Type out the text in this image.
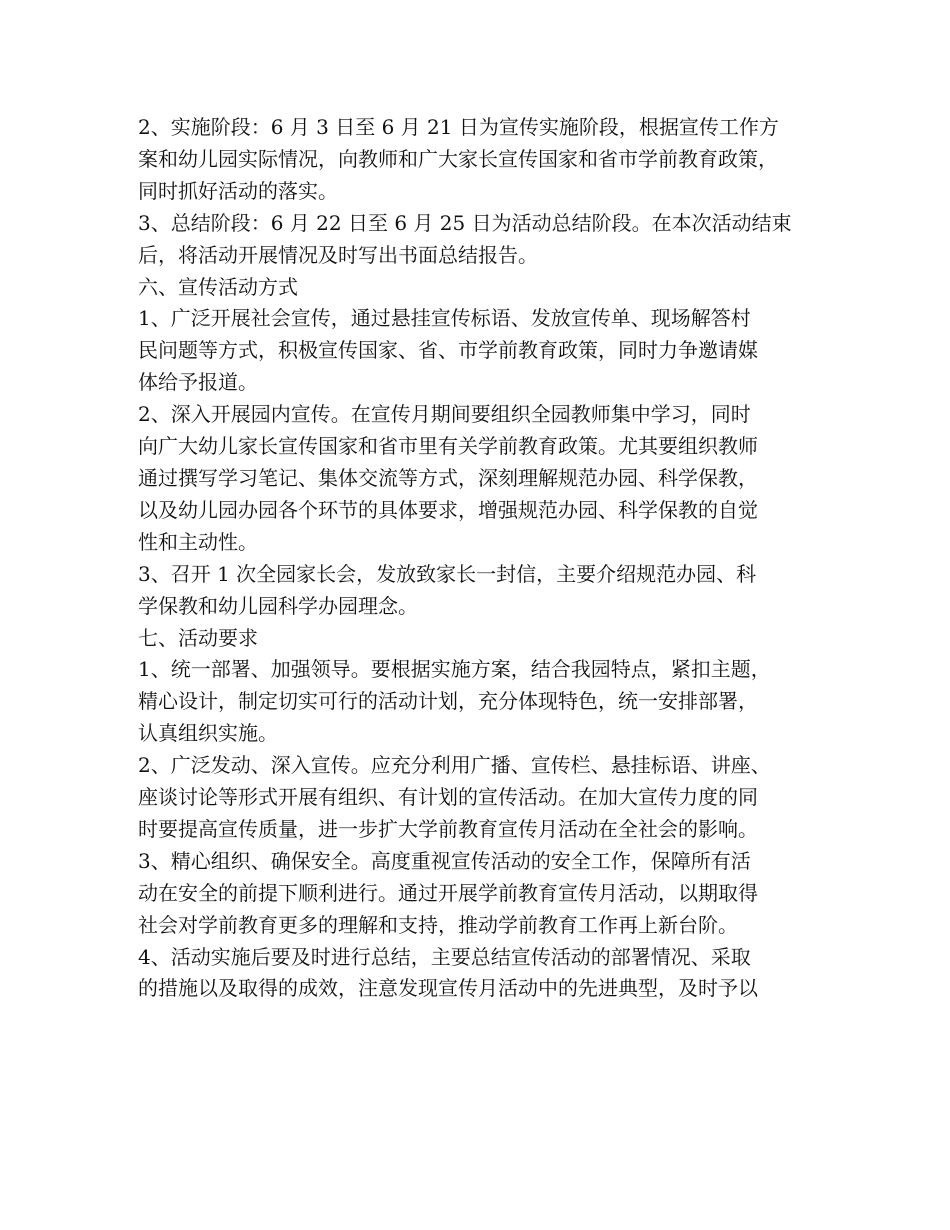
2、实施阶段：6 月 3 日至 6 月 21 日为宣传实施阶段，根据宣传工作方
案和幼儿园实际情况，向教师和广大家长宣传国家和省市学前教育政策，
同时抓好活动的落实。
3、总结阶段：6 月 22 日至 6 月 25 日为活动总结阶段。在本次活动结束
后，将活动开展情况及时写出书面总结报告。
六、宣传活动方式
1、广泛开展社会宣传，通过悬挂宣传标语、发放宣传单、现场解答村
民问题等方式，积极宣传国家、省、市学前教育政策，同时力争邀请媒
体给予报道。
2、深入开展园内宣传。在宣传月期间要组织全园教师集中学习，同时
向广大幼儿家长宣传国家和省市里有关学前教育政策。尤其要组织教师
通过撰写学习笔记、集体交流等方式，深刻理解规范办园、科学保教，
以及幼儿园办园各个环节的具体要求，增强规范办园、科学保教的自觉
性和主动性。
3、召开 1 次全园家长会，发放致家长一封信，主要介绍规范办园、科
学保教和幼儿园科学办园理念。
七、活动要求
1、统一部署、加强领导。要根据实施方案，结合我园特点，紧扣主题，
精心设计，制定切实可行的活动计划，充分体现特色，统一安排部署，
认真组织实施。
2、广泛发动、深入宣传。应充分利用广播、宣传栏、悬挂标语、讲座、
座谈讨论等形式开展有组织、有计划的宣传活动。在加大宣传力度的同
时要提高宣传质量，进一步扩大学前教育宣传月活动在全社会的影响。
3、精心组织、确保安全。高度重视宣传活动的安全工作，保障所有活
动在安全的前提下顺利进行。通过开展学前教育宣传月活动，以期取得
社会对学前教育更多的理解和支持，推动学前教育工作再上新台阶。
4、活动实施后要及时进行总结，主要总结宣传活动的部署情况、采取
的措施以及取得的成效，注意发现宣传月活动中的先进典型，及时予以
